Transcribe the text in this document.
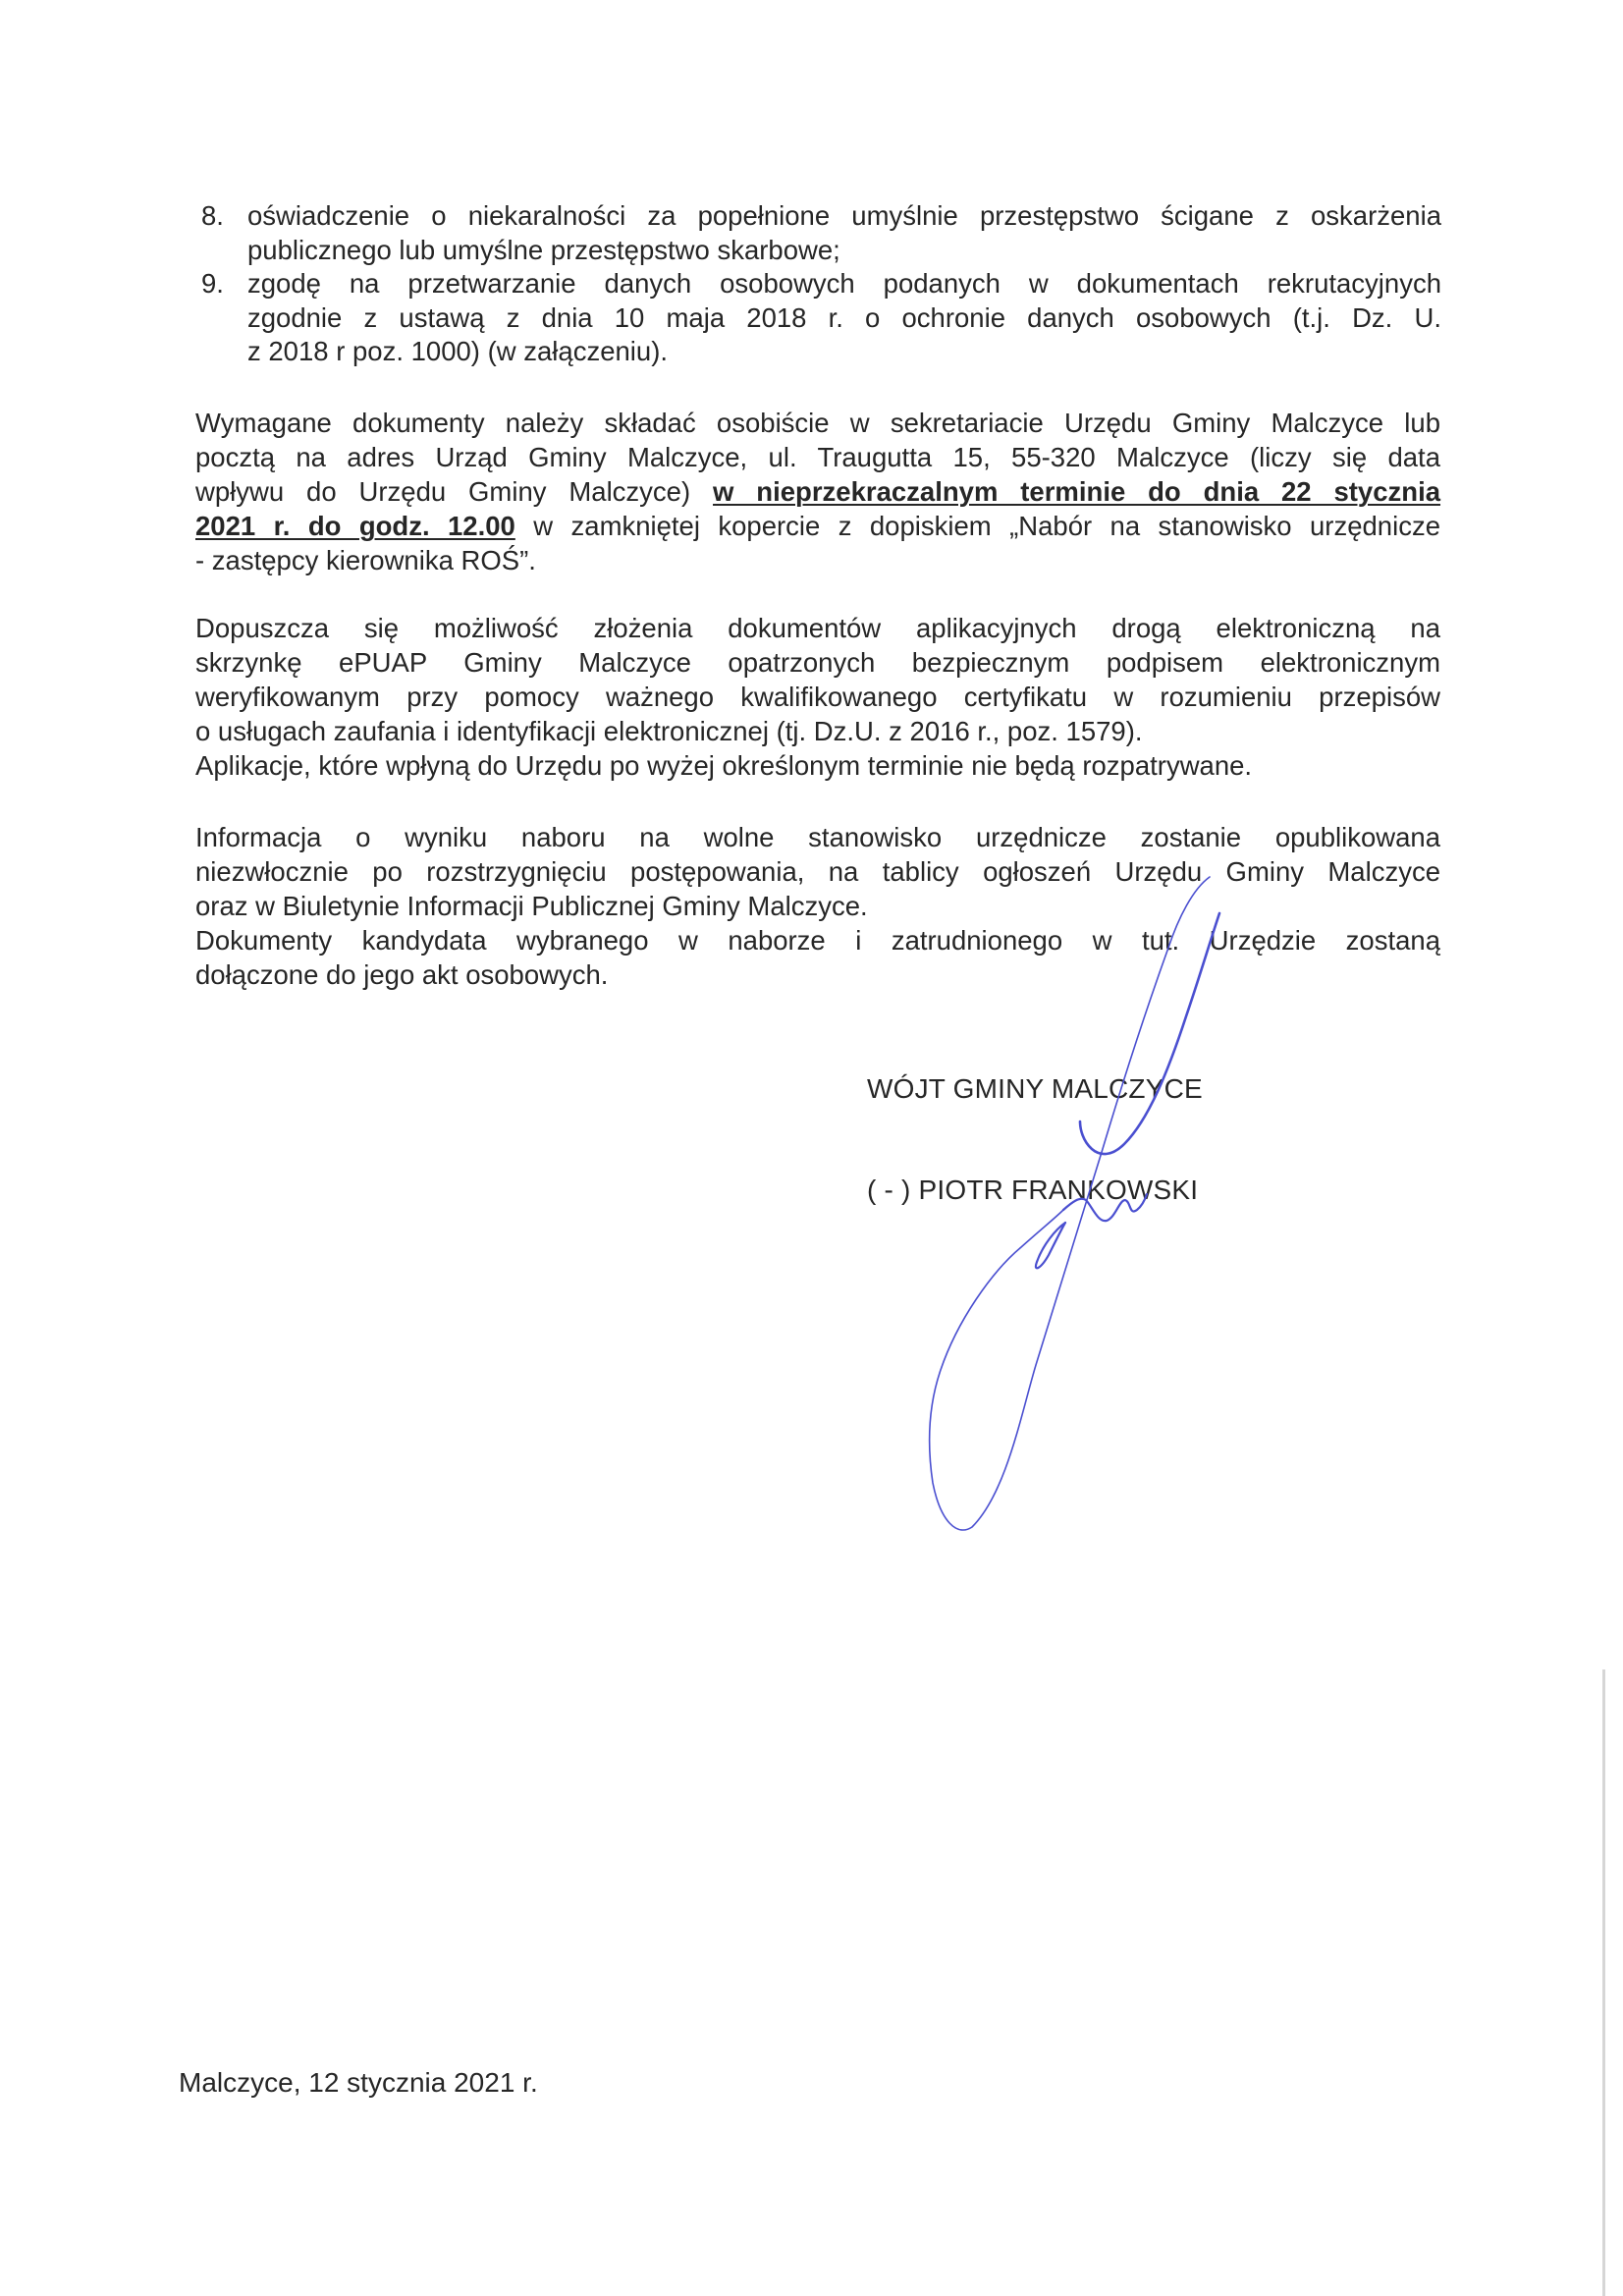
8. oświadczenie o niekaralności za popełnione umyślnie przestępstwo ścigane z oskarżenia
publicznego lub umyślne przestępstwo skarbowe;
9. zgodę na przetwarzanie danych osobowych podanych w dokumentach rekrutacyjnych
zgodnie z ustawą z dnia 10 maja 2018 r. o ochronie danych osobowych (t.j. Dz. U.
z 2018 r poz. 1000) (w załączeniu).
Wymagane dokumenty należy składać osobiście w sekretariacie Urzędu Gminy Malczyce lub
pocztą na adres Urząd Gminy Malczyce, ul. Traugutta 15, 55-320 Malczyce (liczy się data
wpływu do Urzędu Gminy Malczyce) w nieprzekraczalnym terminie do dnia 22 stycznia
2021 r. do godz. 12.00 w zamkniętej kopercie z dopiskiem „Nabór na stanowisko urzędnicze
- zastępcy kierownika ROŚ”.
Dopuszcza się możliwość złożenia dokumentów aplikacyjnych drogą elektroniczną na
skrzynkę ePUAP Gminy Malczyce opatrzonych bezpiecznym podpisem elektronicznym
weryfikowanym przy pomocy ważnego kwalifikowanego certyfikatu w rozumieniu przepisów
o usługach zaufania i identyfikacji elektronicznej (tj. Dz.U. z 2016 r., poz. 1579).
Aplikacje, które wpłyną do Urzędu po wyżej określonym terminie nie będą rozpatrywane.
Informacja o wyniku naboru na wolne stanowisko urzędnicze zostanie opublikowana
niezwłocznie po rozstrzygnięciu postępowania, na tablicy ogłoszeń Urzędu Gminy Malczyce
oraz w Biuletynie Informacji Publicznej Gminy Malczyce.
Dokumenty kandydata wybranego w naborze i zatrudnionego w tut. Urzędzie zostaną
dołączone do jego akt osobowych.
WÓJT GMINY MALCZYCE
( - ) PIOTR FRANKOWSKI
Malczyce, 12 stycznia 2021 r.
